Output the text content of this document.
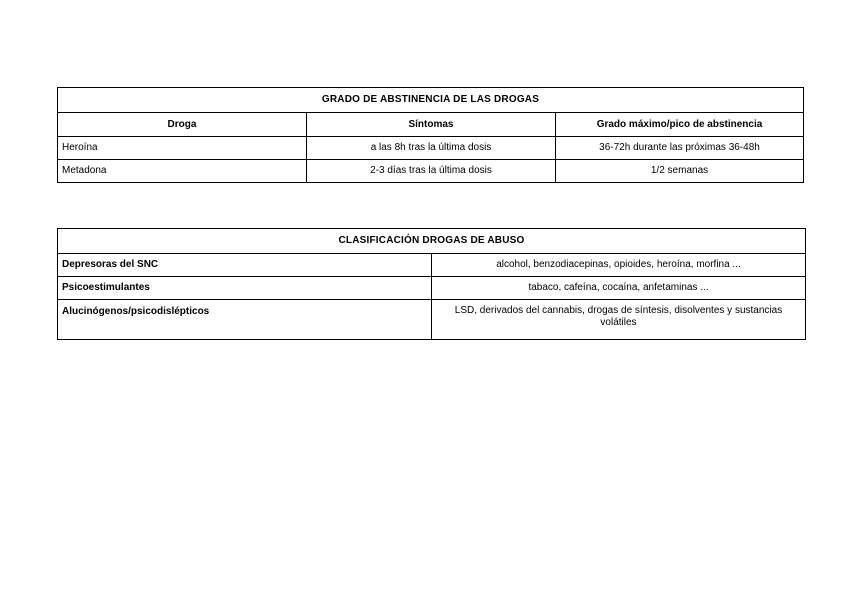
GRADO DE ABSTINENCIA DE LAS DROGAS		
Droga	Síntomas	Grado máximo/pico de abstinencia
Heroína	a las 8h tras la última dosis	36-72h durante las próximas 36-48h
Metadona	2-3 días tras la última dosis	1/2 semanas
CLASIFICACIÓN DROGAS DE ABUSO	
Depresoras del SNC	alcohol, benzodiacepinas, opioides, heroína, morfina ...
Psicoestimulantes	tabaco, cafeína, cocaína, anfetaminas ...
Alucinógenos/psicodislépticos	LSD, derivados del cannabis, drogas de síntesis, disolventes y sustancias volátiles
